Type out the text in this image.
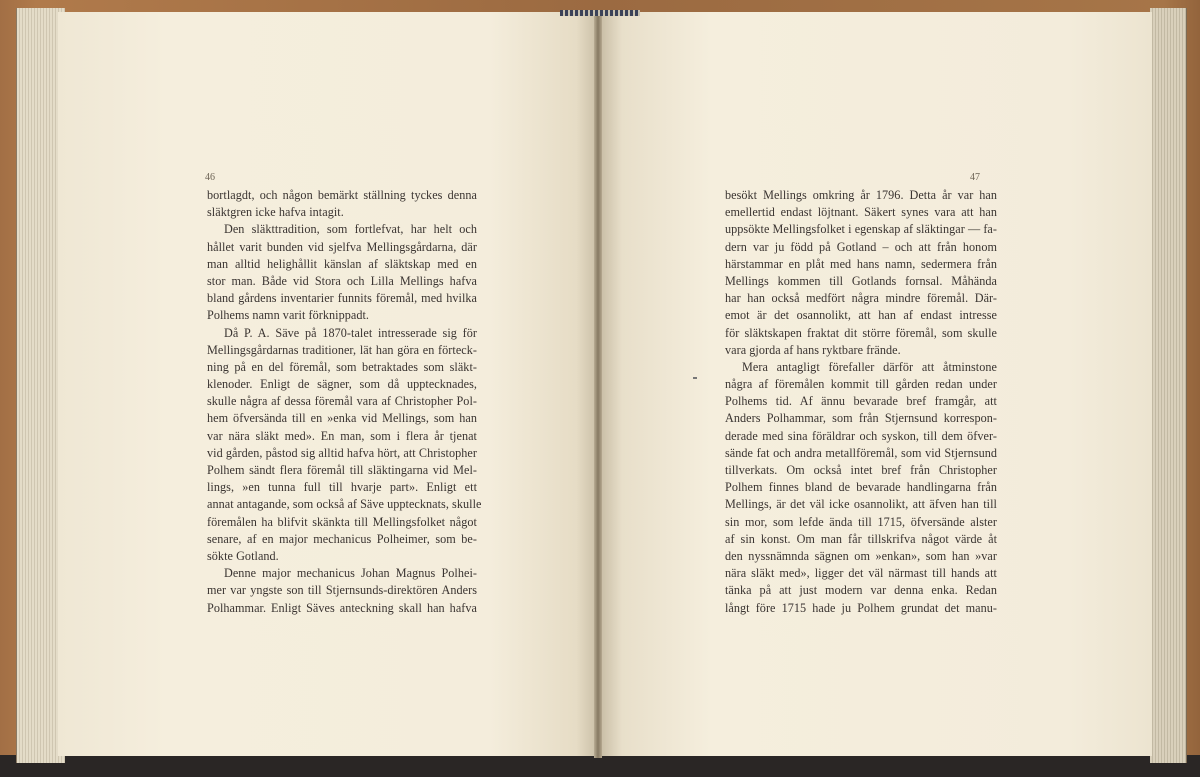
46	47
bortlagdt, och någon bemärkt ställning tyckes denna
släktgren icke hafva intagit.
Den släkttradition, som fortlefvat, har helt och
hållet varit bunden vid sjelfva Mellingsgårdarna, där
man alltid helighållit känslan af släktskap med en
stor man. Både vid Stora och Lilla Mellings hafva
bland gårdens inventarier funnits föremål, med hvilka
Polhems namn varit förknippadt.
Då P. A. Säve på 1870-talet intresserade sig för
Mellingsgårdarnas traditioner, lät han göra en förteck-
ning på en del föremål, som betraktades som släkt-
klenoder. Enligt de sägner, som då upptecknades,
skulle några af dessa föremål vara af Christopher Pol-
hem öfversända till en »enka vid Mellings, som han
var nära släkt med». En man, som i flera år tjenat
vid gården, påstod sig alltid hafva hört, att Christopher
Polhem sändt flera föremål till släktingarna vid Mel-
lings, »en tunna full till hvarje part». Enligt ett
annat antagande, som också af Säve upptecknats, skulle
föremålen ha blifvit skänkta till Mellingsfolket något
senare, af en major mechanicus Polheimer, som be-
sökte Gotland.
Denne major mechanicus Johan Magnus Polhei-
mer var yngste son till Stjernsunds-direktören Anders
Polhammar. Enligt Säves anteckning skall han hafva
besökt Mellings omkring år 1796. Detta år var han
emellertid endast löjtnant. Säkert synes vara att han
uppsökte Mellingsfolket i egenskap af släktingar — fa-
dern var ju född på Gotland – och att från honom
härstammar en plåt med hans namn, sedermera från
Mellings kommen till Gotlands fornsal. Måhända
har han också medfört några mindre föremål. Där-
emot är det osannolikt, att han af endast intresse
för släktskapen fraktat dit större föremål, som skulle
vara gjorda af hans ryktbare frände.
Mera antagligt förefaller därför att åtminstone
några af föremålen kommit till gården redan under
Polhems tid. Af ännu bevarade bref framgår, att
Anders Polhammar, som från Stjernsund korrespon-
derade med sina föräldrar och syskon, till dem öfver-
sände fat och andra metallföremål, som vid Stjernsund
tillverkats. Om också intet bref från Christopher
Polhem finnes bland de bevarade handlingarna från
Mellings, är det väl icke osannolikt, att äfven han till
sin mor, som lefde ända till 1715, öfversände alster
af sin konst. Om man får tillskrifva något värde åt
den nyssnämnda sägnen om »enkan», som han »var
nära släkt med», ligger det väl närmast till hands att
tänka på att just modern var denna enka. Redan
långt före 1715 hade ju Polhem grundat det manu-
